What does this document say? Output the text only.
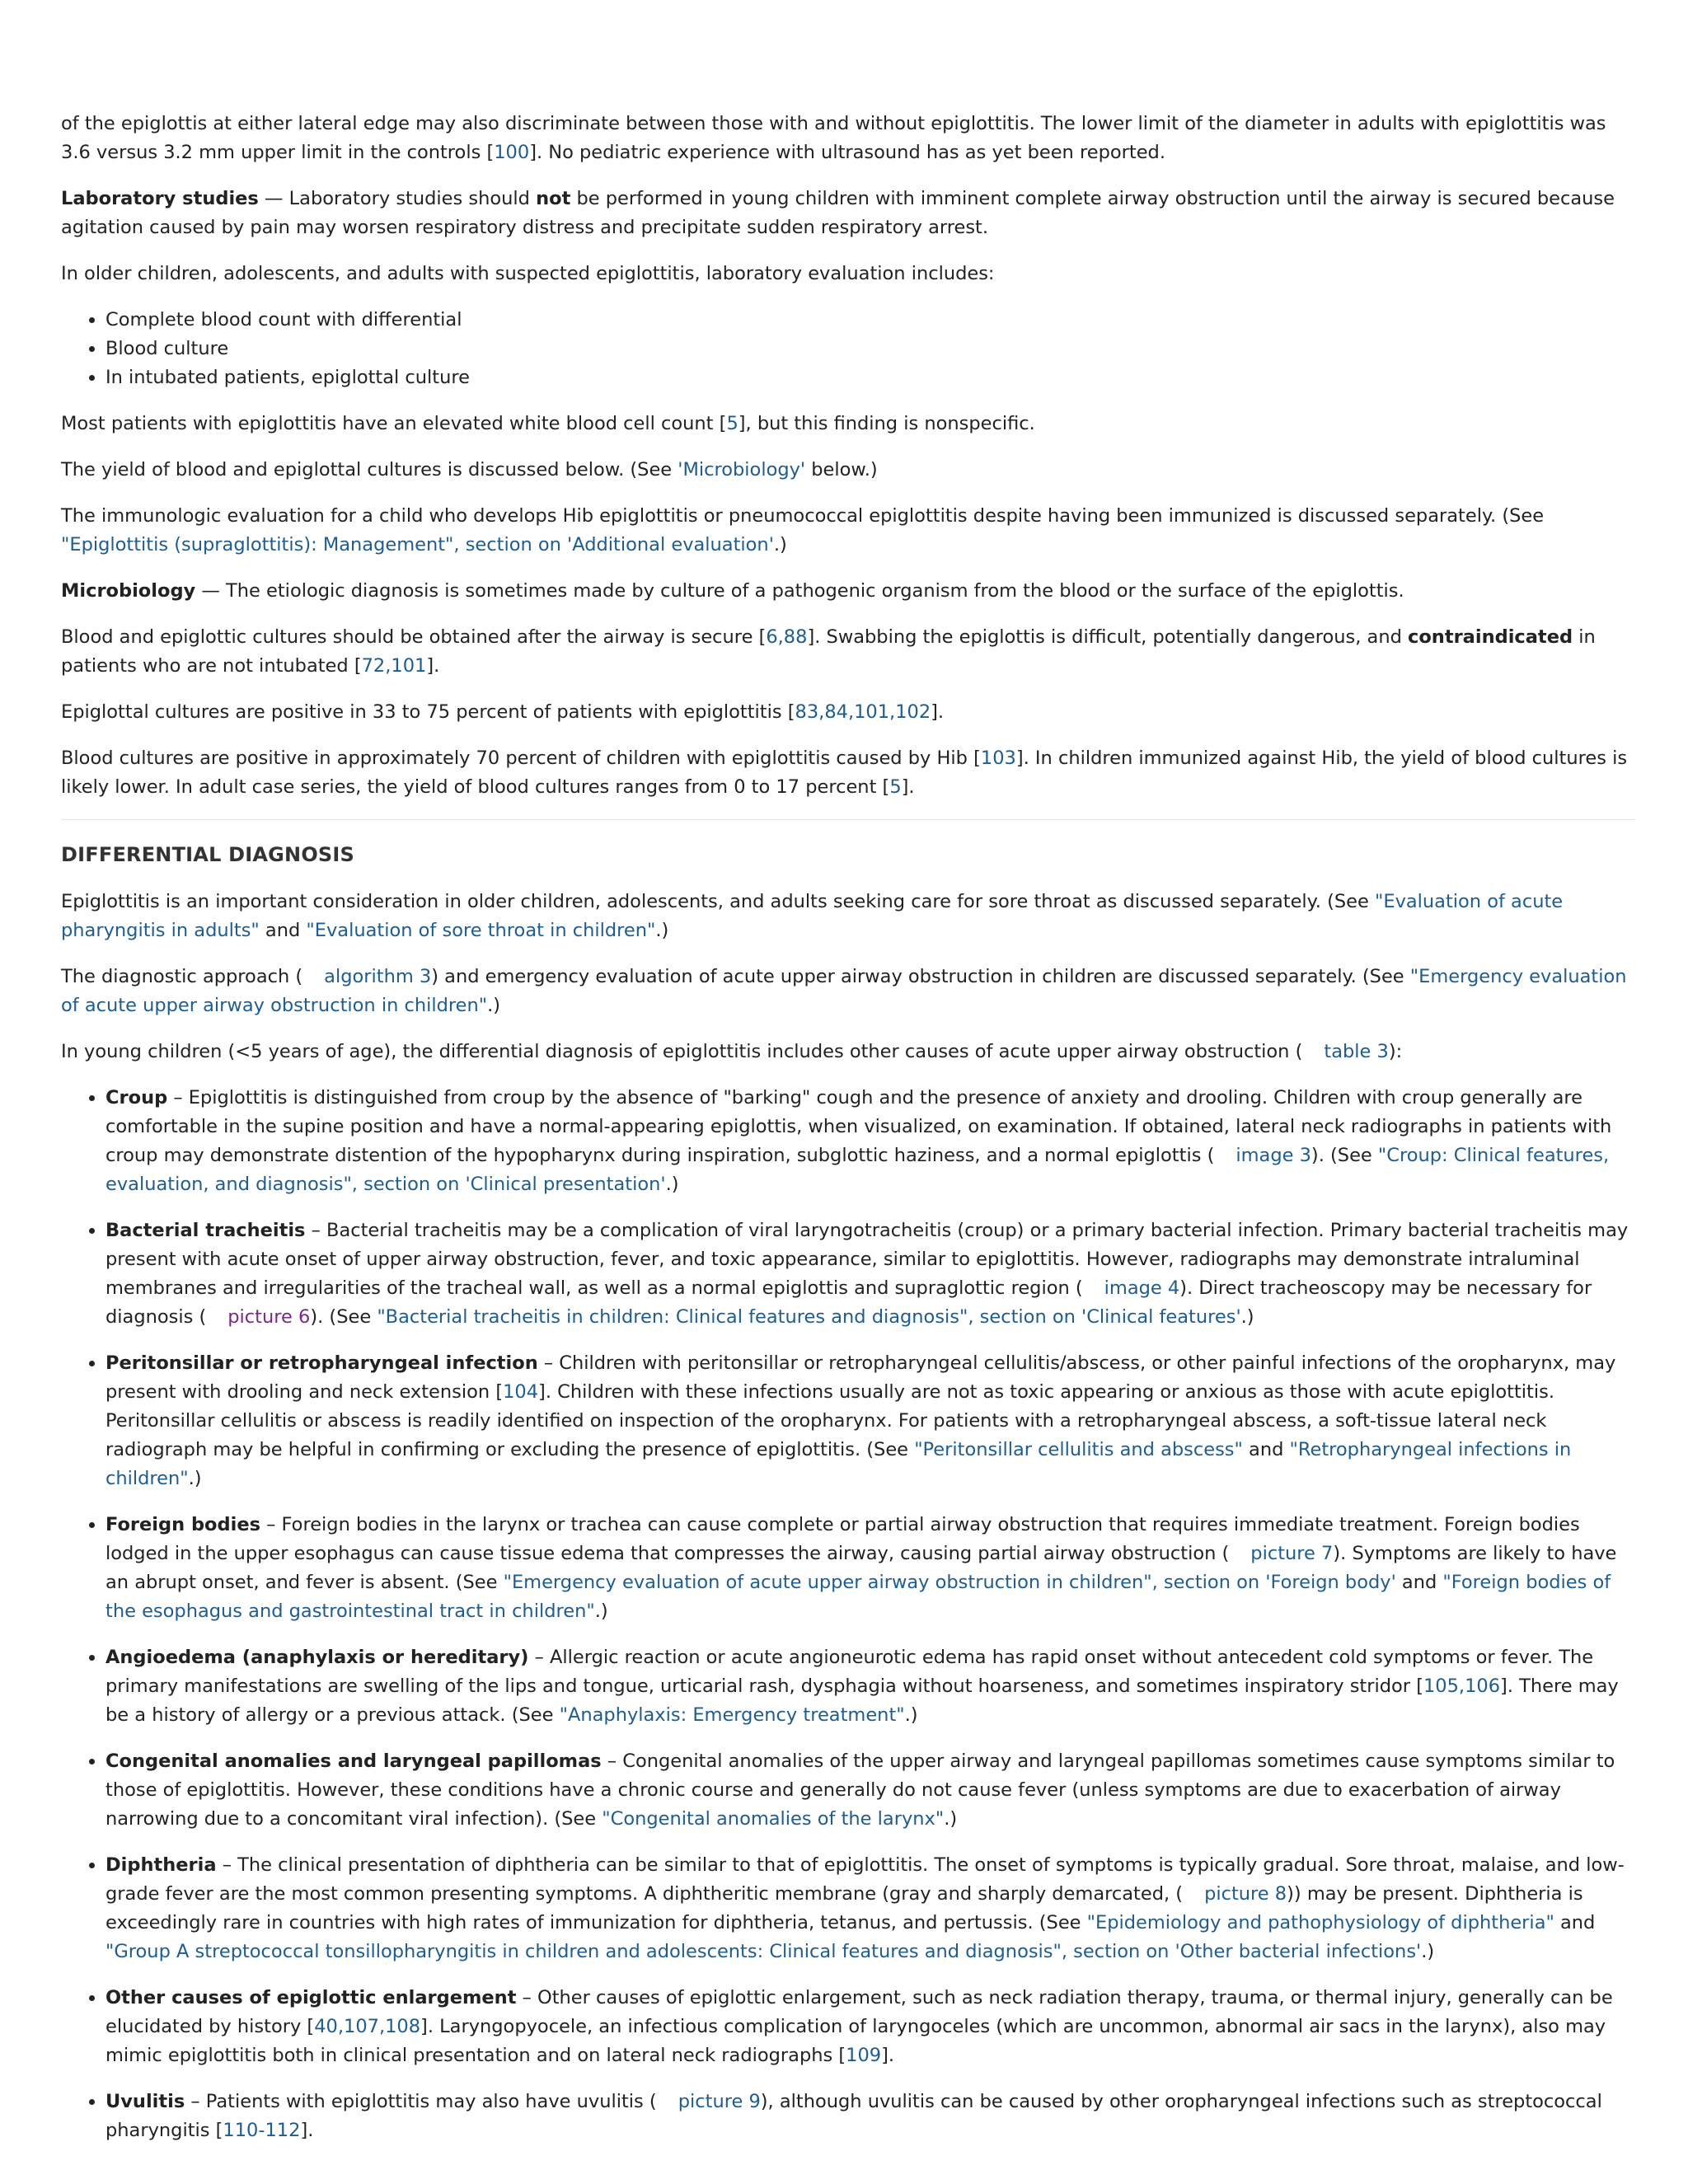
of the epiglottis at either lateral edge may also discriminate between those with and without epiglottitis. The lower limit of the diameter in adults with epiglottitis was 3.6 versus 3.2 mm upper limit in the controls [100]. No pediatric experience with ultrasound has as yet been reported.

Laboratory studies — Laboratory studies should not be performed in young children with imminent complete airway obstruction until the airway is secured because agitation caused by pain may worsen respiratory distress and precipitate sudden respiratory arrest.

In older children, adolescents, and adults with suspected epiglottitis, laboratory evaluation includes:

• Complete blood count with differential
• Blood culture
• In intubated patients, epiglottal culture

Most patients with epiglottitis have an elevated white blood cell count [5], but this finding is nonspecific.

The yield of blood and epiglottal cultures is discussed below. (See 'Microbiology' below.)

The immunologic evaluation for a child who develops Hib epiglottitis or pneumococcal epiglottitis despite having been immunized is discussed separately. (See "Epiglottitis (supraglottitis): Management", section on 'Additional evaluation'.)

Microbiology — The etiologic diagnosis is sometimes made by culture of a pathogenic organism from the blood or the surface of the epiglottis.

Blood and epiglottic cultures should be obtained after the airway is secure [6,88]. Swabbing the epiglottis is difficult, potentially dangerous, and contraindicated in patients who are not intubated [72,101].

Epiglottal cultures are positive in 33 to 75 percent of patients with epiglottitis [83,84,101,102].

Blood cultures are positive in approximately 70 percent of children with epiglottitis caused by Hib [103]. In children immunized against Hib, the yield of blood cultures is likely lower. In adult case series, the yield of blood cultures ranges from 0 to 17 percent [5].

DIFFERENTIAL DIAGNOSIS

Epiglottitis is an important consideration in older children, adolescents, and adults seeking care for sore throat as discussed separately. (See "Evaluation of acute pharyngitis in adults" and "Evaluation of sore throat in children".)

The diagnostic approach ( algorithm 3) and emergency evaluation of acute upper airway obstruction in children are discussed separately. (See "Emergency evaluation of acute upper airway obstruction in children".)

In young children (<5 years of age), the differential diagnosis of epiglottitis includes other causes of acute upper airway obstruction ( table 3):

• Croup – Epiglottitis is distinguished from croup by the absence of "barking" cough and the presence of anxiety and drooling. Children with croup generally are comfortable in the supine position and have a normal-appearing epiglottis, when visualized, on examination. If obtained, lateral neck radiographs in patients with croup may demonstrate distention of the hypopharynx during inspiration, subglottic haziness, and a normal epiglottis ( image 3). (See "Croup: Clinical features, evaluation, and diagnosis", section on 'Clinical presentation'.)
• Bacterial tracheitis – Bacterial tracheitis may be a complication of viral laryngotracheitis (croup) or a primary bacterial infection. Primary bacterial tracheitis may present with acute onset of upper airway obstruction, fever, and toxic appearance, similar to epiglottitis. However, radiographs may demonstrate intraluminal membranes and irregularities of the tracheal wall, as well as a normal epiglottis and supraglottic region ( image 4). Direct tracheoscopy may be necessary for diagnosis ( picture 6). (See "Bacterial tracheitis in children: Clinical features and diagnosis", section on 'Clinical features'.)
• Peritonsillar or retropharyngeal infection – Children with peritonsillar or retropharyngeal cellulitis/abscess, or other painful infections of the oropharynx, may present with drooling and neck extension [104]. Children with these infections usually are not as toxic appearing or anxious as those with acute epiglottitis. Peritonsillar cellulitis or abscess is readily identified on inspection of the oropharynx. For patients with a retropharyngeal abscess, a soft-tissue lateral neck radiograph may be helpful in confirming or excluding the presence of epiglottitis. (See "Peritonsillar cellulitis and abscess" and "Retropharyngeal infections in children".)
• Foreign bodies – Foreign bodies in the larynx or trachea can cause complete or partial airway obstruction that requires immediate treatment. Foreign bodies lodged in the upper esophagus can cause tissue edema that compresses the airway, causing partial airway obstruction ( picture 7). Symptoms are likely to have an abrupt onset, and fever is absent. (See "Emergency evaluation of acute upper airway obstruction in children", section on 'Foreign body' and "Foreign bodies of the esophagus and gastrointestinal tract in children".)
• Angioedema (anaphylaxis or hereditary) – Allergic reaction or acute angioneurotic edema has rapid onset without antecedent cold symptoms or fever. The primary manifestations are swelling of the lips and tongue, urticarial rash, dysphagia without hoarseness, and sometimes inspiratory stridor [105,106]. There may be a history of allergy or a previous attack. (See "Anaphylaxis: Emergency treatment".)
• Congenital anomalies and laryngeal papillomas – Congenital anomalies of the upper airway and laryngeal papillomas sometimes cause symptoms similar to those of epiglottitis. However, these conditions have a chronic course and generally do not cause fever (unless symptoms are due to exacerbation of airway narrowing due to a concomitant viral infection). (See "Congenital anomalies of the larynx".)
• Diphtheria – The clinical presentation of diphtheria can be similar to that of epiglottitis. The onset of symptoms is typically gradual. Sore throat, malaise, and low-grade fever are the most common presenting symptoms. A diphtheritic membrane (gray and sharply demarcated, ( picture 8)) may be present. Diphtheria is exceedingly rare in countries with high rates of immunization for diphtheria, tetanus, and pertussis. (See "Epidemiology and pathophysiology of diphtheria" and "Group A streptococcal tonsillopharyngitis in children and adolescents: Clinical features and diagnosis", section on 'Other bacterial infections'.)
• Other causes of epiglottic enlargement – Other causes of epiglottic enlargement, such as neck radiation therapy, trauma, or thermal injury, generally can be elucidated by history [40,107,108]. Laryngopyocele, an infectious complication of laryngoceles (which are uncommon, abnormal air sacs in the larynx), also may mimic epiglottitis both in clinical presentation and on lateral neck radiographs [109].
• Uvulitis – Patients with epiglottitis may also have uvulitis ( picture 9), although uvulitis can be caused by other oropharyngeal infections such as streptococcal pharyngitis [110-112].
